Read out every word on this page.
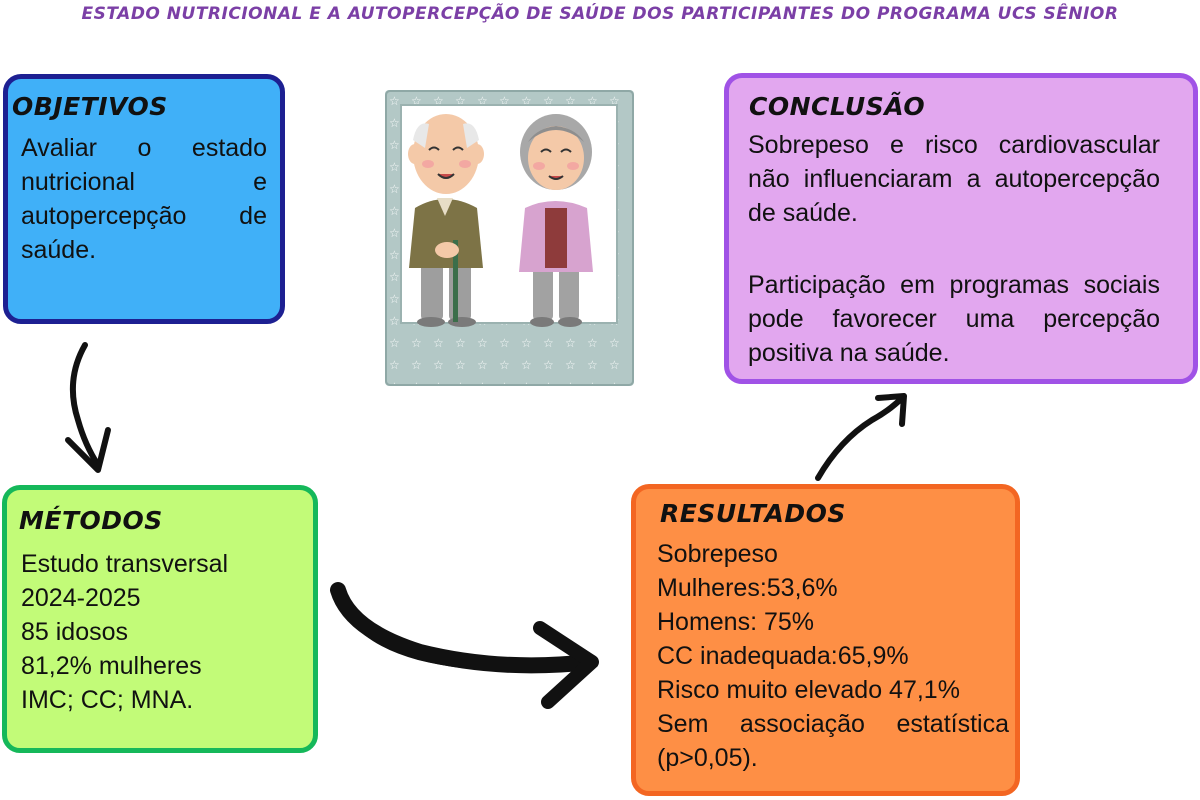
ESTADO NUTRICIONAL E A AUTOPERCEPÇÃO DE SAÚDE DOS PARTICIPANTES DO PROGRAMA UCS SÊNIOR
OBJETIVOS

Avaliar o estado nutricional e autopercepção de saúde.

MÉTODOS

Estudo transversal
2024-2025
85 idosos
81,2% mulheres
IMC; CC; MNA.

CONCLUSÃO

Sobrepeso e risco cardiovascular não influenciaram a autopercepção de saúde.

Participação em programas sociais pode favorecer uma percepção positiva na saúde.

RESULTADOS

Sobrepeso
Mulheres:53,6%
Homens: 75%
CC inadequada:65,9%
Risco muito elevado 47,1%

Sem associação estatística (p>0,05).
